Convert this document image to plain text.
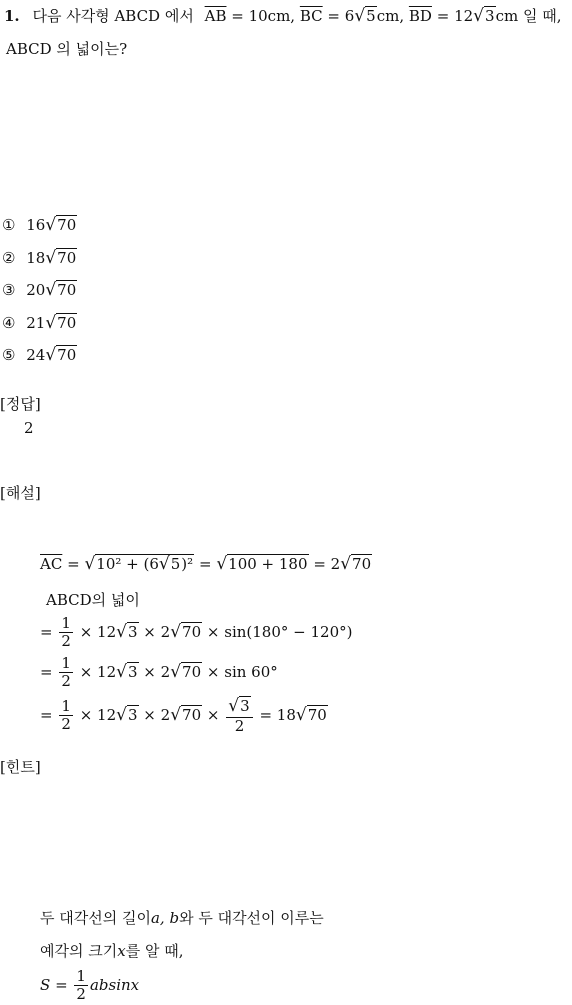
1. 다음 사각형 ABCD 에서 $\overline{AB} = 10cm$, $\overline{BC} = 6√5cm$, $\overline{BD} = 12√3cm$ 일 때,
ABCD 의 넓이는?
① 16√70
② 18√70
③ 20√70
④ 21√70
⑤ 24√70
[정답]
2
[해설]
$\overline{AC} = √10^2 + (6√5)^2 = √100 + 180 = 2√70$
ABCD의 넓이
= $\frac{1}{2} \times 12√3 \times 2√70 \times \sin(180^\circ - 120^\circ)$
= $\frac{1}{2} \times 12√3 \times 2√70 \times \sin 60^\circ$
= $\frac{1}{2} \times 12√3 \times 2√70 \times \frac{√3}{2} = 18√70$
[힌트]
두 대각선의 길이a, b와 두 대각선이 이루는
예각의 크기x를 알 때,
$S = \frac{1}{2}$ absinx
